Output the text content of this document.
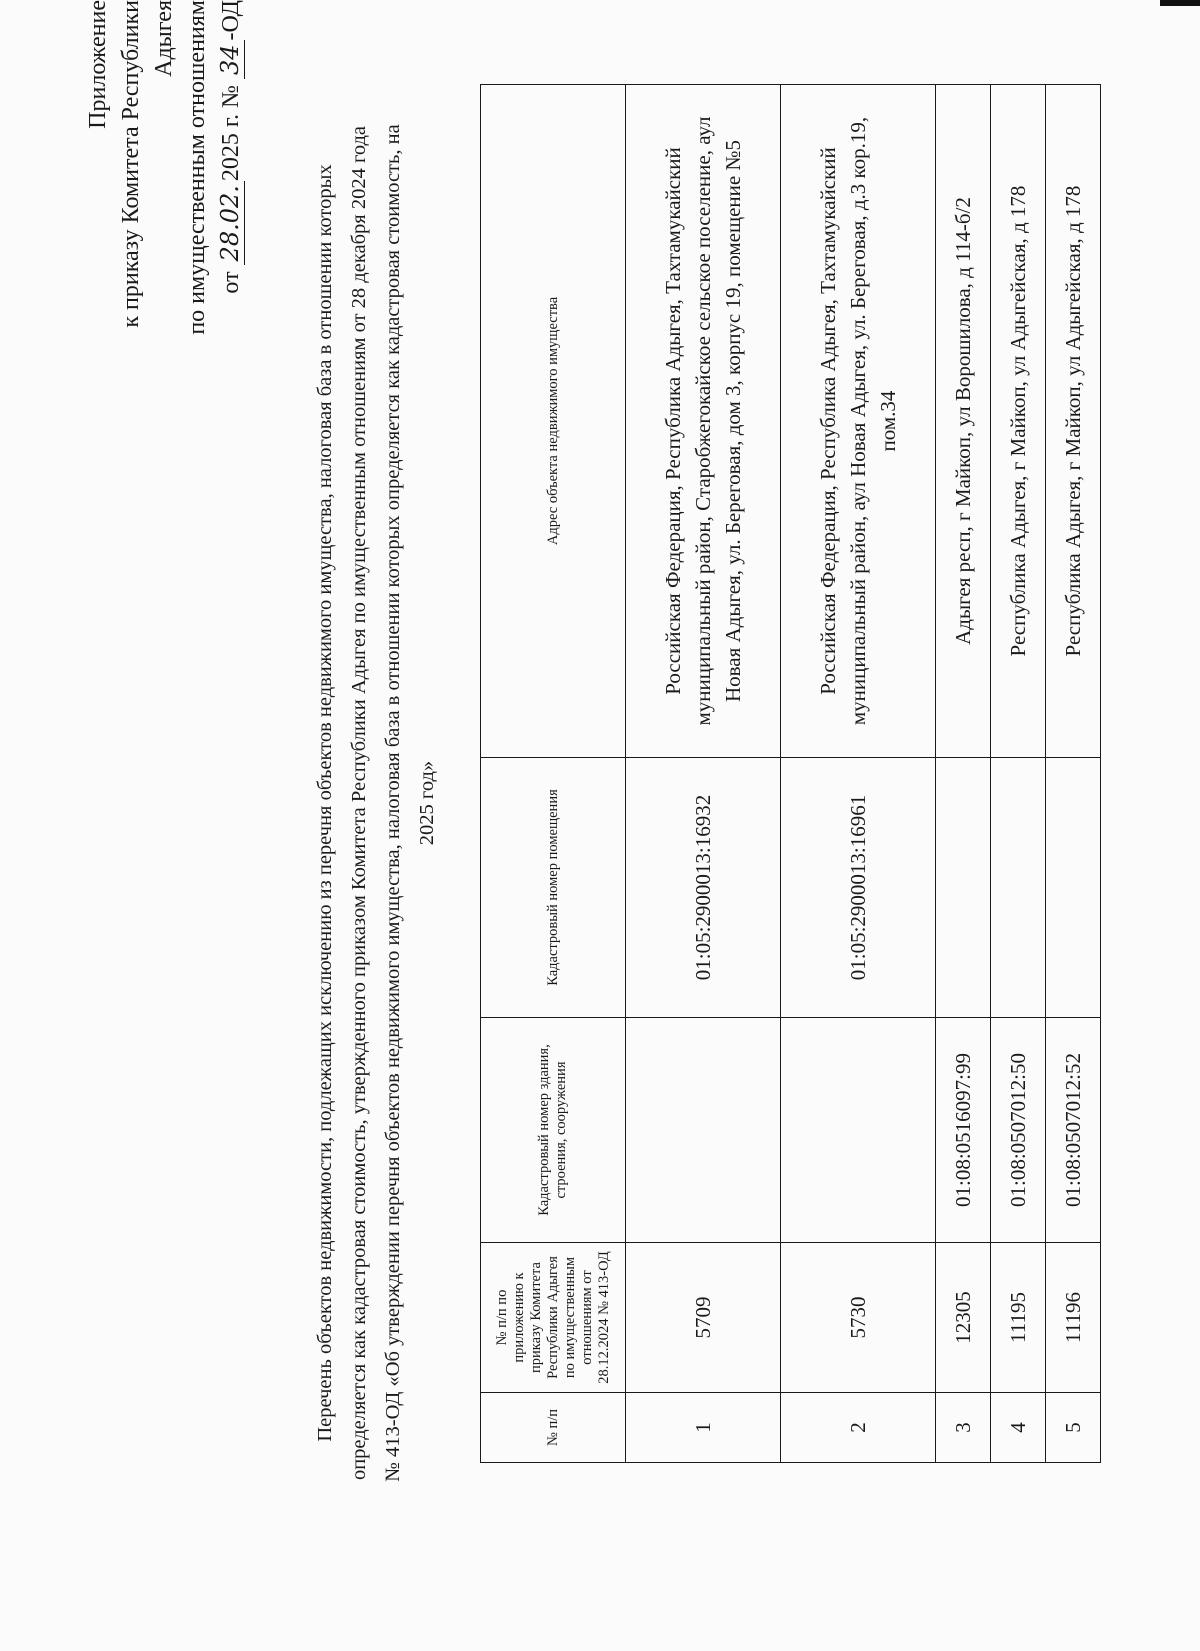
Приложение к приказу Комитета Республики Адыгея по имущественным отношениям от 28.02.2025 г. № 34-ОД
Перечень объектов недвижимости, подлежащих исключению из перечня объектов недвижимого имущества, налоговая база в отношении которых определяется как кадастровая стоимость, утвержденного приказом Комитета Республики Адыгея по имущественным отношениям от 28 декабря 2024 года № 413-ОД «Об утверждении перечня объектов недвижимого имущества, налоговая база в отношении которых определяется как кадастровая стоимость, на 2025 год»
№ п/п	№ п/п по приложению к приказу Комитета Республики Адыгея по имущественным отношениям от 28.12.2024 № 413-ОД	Кадастровый номер здания, строения, сооружения	Кадастровый номер помещения	Адрес объекта недвижимого имущества
1	5709		01:05:2900013:16932	Российская Федерация, Республика Адыгея, Тахтамукайский муниципальный район, Старобжегокайское сельское поселение, аул Новая Адыгея, ул. Береговая, дом 3, корпус 19, помещение №5
2	5730		01:05:2900013:16961	Российская Федерация, Республика Адыгея, Тахтамукайский муниципальный район, аул Новая Адыгея, ул. Береговая, д.3 кор.19, пом.34
3	12305	01:08:0516097:99		Адыгея респ, г Майкоп, ул Ворошилова, д 114-б/2
4	11195	01:08:0507012:50		Республика Адыгея, г Майкоп, ул Адыгейская, д 178
5	11196	01:08:0507012:52		Республика Адыгея, г Майкоп, ул Адыгейская, д 178
